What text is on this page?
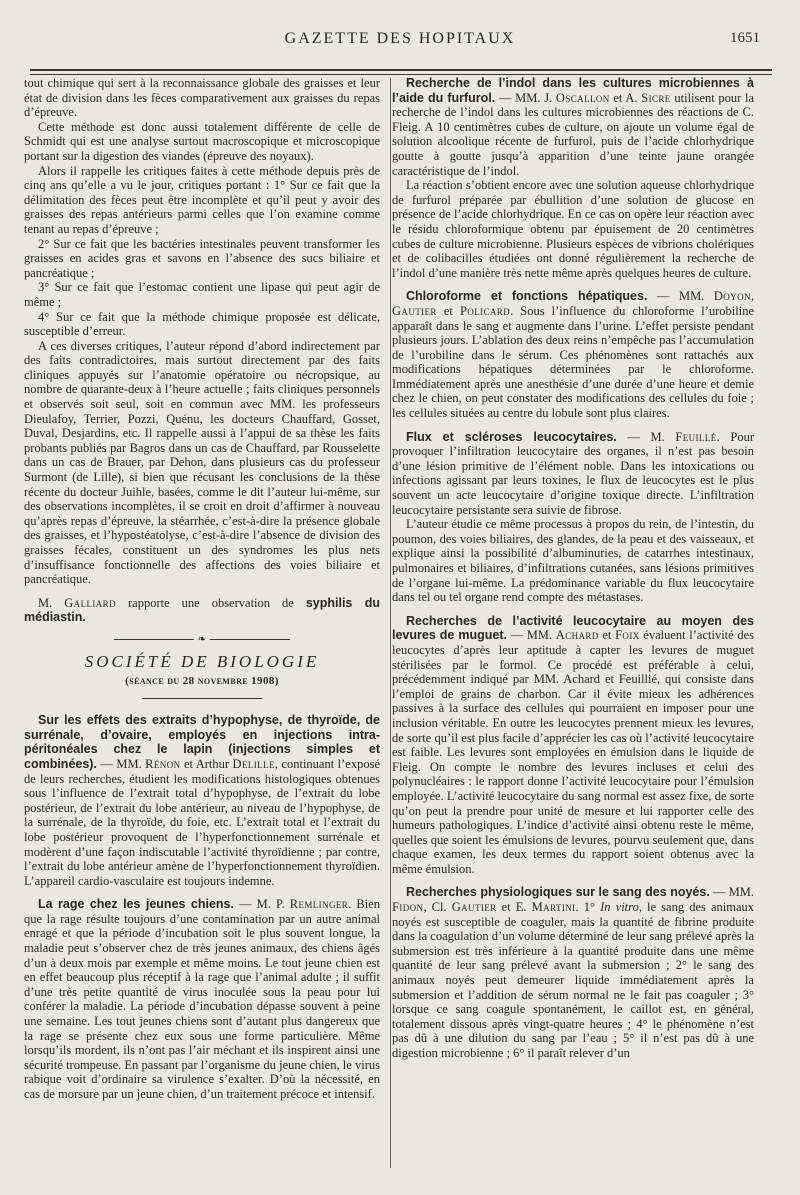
GAZETTE DES HOPITAUX	1651

tout chimique qui sert à la reconnaissance globale des graisses et leur état de division dans les fèces comparativement aux graisses du repas d’épreuve.

Cette méthode est donc aussi totalement différente de celle de Schmidt qui est une analyse surtout macroscopique et microscopique portant sur la digestion des viandes (épreuve des noyaux).

Alors il rappelle les critiques faites à cette méthode depuis près de cinq ans qu’elle a vu le jour, critiques portant : 1° Sur ce fait que la délimitation des fèces peut être incomplète et qu’il peut y avoir des graisses des repas antérieurs parmi celles que l’on examine comme tenant au repas d’épreuve ;

2° Sur ce fait que les bactéries intestinales peuvent transformer les graisses en acides gras et savons en l’absence des sucs biliaire et pancréatique ;

3° Sur ce fait que l’estomac contient une lipase qui peut agir de même ;

4° Sur ce fait que la méthode chimique proposée est délicate, susceptible d’erreur.

A ces diverses critiques, l’auteur répond d’abord indirectement par des faits contradictoires, mais surtout directement par des faits cliniques appuyés sur l’anatomie opératoire ou nécropsique, au nombre de quarante-deux à l’heure actuelle ; faits cliniques personnels et observés soit seul, soit en commun avec MM. les professeurs Dieulafoy, Terrier, Pozzi, Quénu, les docteurs Chauffard, Gosset, Duval, Desjardins, etc. Il rappelle aussi à l’appui de sa thèse les faits probants publiés par Bagros dans un cas de Chauffard, par Rousselette dans un cas de Brauer, par Dehon, dans plusieurs cas du professeur Surmont (de Lille), si bien que récusant les conclusions de la thèse récente du docteur Juihle, basées, comme le dit l’auteur lui-même, sur des observations incomplètes, il se croit en droit d’affirmer à nouveau qu’après repas d’épreuve, la stéarrhée, c’est-à-dire la présence globale des graisses, et l’hypostéatolyse, c’est-à-dire l’absence de division des graisses fécales, constituent un des syndromes les plus nets d’insuffisance fonctionnelle des affections des voies biliaire et pancréatique.

M. Galliard rapporte une observation de syphilis du médiastin.

❧
SOCIÉTÉ DE BIOLOGIE
(séance du 28 novembre 1908)

Sur les effets des extraits d’hypophyse, de thyroïde, de surrénale, d’ovaire, employés en injections intra-péritonéales chez le lapin (injections simples et combinées). — MM. Rénon et Arthur Delille, continuant l’exposé de leurs recherches, étudient les modifications histologiques obtenues sous l’influence de l’extrait total d’hypophyse, de l’extrait du lobe postérieur, de l’extrait du lobe antérieur, au niveau de l’hypophyse, de la surrénale, de la thyroïde, du foie, etc. L’extrait total et l’extrait du lobe postérieur provoquent de l’hyperfonctionnement surrénale et modèrent d’une façon indiscutable l’activité thyroïdienne ; par contre, l’extrait du lobe antérieur amène de l’hyperfonctionnement thyroïdien. L’appareil cardio-vasculaire est toujours indemne.

La rage chez les jeunes chiens. — M. P. Remlinger. Bien que la rage résulte toujours d’une contamination par un autre animal enragé et que la période d’incubation soit le plus souvent longue, la maladie peut s’observer chez de très jeunes animaux, des chiens âgés d’un à deux mois par exemple et même moins. Le tout jeune chien est en effet beaucoup plus réceptif à la rage que l’animal adulte ; il suffit d’une très petite quantité de virus inoculée sous la peau pour lui conférer la maladie. La période d’incubation dépasse souvent à peine une semaine. Les tout jeunes chiens sont d’autant plus dangereux que la rage se présente chez eux sous une forme particulière. Même lorsqu’ils mordent, ils n’ont pas l’air méchant et ils inspirent ainsi une sécurité trompeuse. En passant par l’organisme du jeune chien, le virus rabique voit d’ordinaire sa virulence s’exalter. D’où la nécessité, en cas de morsure par un jeune chien, d’un traitement précoce et intensif.

Recherche de l’indol dans les cultures microbiennes à l’aide du furfurol. — MM. J. Oscallon et A. Sicre utilisent pour la recherche de l’indol dans les cultures microbiennes des réactions de C. Fleig. A 10 centimètres cubes de culture, on ajoute un volume égal de solution alcoolique récente de furfurol, puis de l’acide chlorhydrique goutte à goutte jusqu’à apparition d’une teinte jaune orangée caractéristique de l’indol.

La réaction s’obtient encore avec une solution aqueuse chlorhydrique de furfurol préparée par ébullition d’une solution de glucose en présence de l’acide chlorhydrique. En ce cas on opère leur réaction avec le résidu chloroformique obtenu par épuisement de 20 centimètres cubes de culture microbienne. Plusieurs espèces de vibrions cholériques et de colibacilles étudiées ont donné régulièrement la recherche de l’indol d’une manière très nette même après quelques heures de culture.

Chloroforme et fonctions hépatiques. — MM. Doyon, Gautier et Policard. Sous l’influence du chloroforme l’urobiline apparaît dans le sang et augmente dans l’urine. L’effet persiste pendant plusieurs jours. L’ablation des deux reins n’empêche pas l’accumulation de l’urobiline dans le sérum. Ces phénomènes sont rattachés aux modifications hépatiques déterminées par le chloroforme. Immédiatement après une anesthésie d’une durée d’une heure et demie chez le chien, on peut constater des modifications des cellules du foie ; les cellules situées au centre du lobule sont plus claires.

Flux et scléroses leucocytaires. — M. Feuillé. Pour provoquer l’infiltration leucocytaire des organes, il n’est pas besoin d’une lésion primitive de l’élément noble. Dans les intoxications ou infections agissant par leurs toxines, le flux de leucocytes est le plus souvent un acte leucocytaire d’origine toxique directe. L’infiltration leucocytaire persistante sera suivie de fibrose.

L’auteur étudie ce même processus à propos du rein, de l’intestin, du poumon, des voies biliaires, des glandes, de la peau et des vaisseaux, et explique ainsi la possibilité d’albuminuries, de catarrhes intestinaux, pulmonaires et biliaires, d’infiltrations cutanées, sans lésions primitives de l’organe lui-même. La prédominance variable du flux leucocytaire dans tel ou tel organe rend compte des métastases.

Recherches de l’activité leucocytaire au moyen des levures de muguet. — MM. Achard et Foix évaluent l’activité des leucocytes d’après leur aptitude à capter les levures de muguet stérilisées par le formol. Ce procédé est préférable à celui, précédemment indiqué par MM. Achard et Feuillié, qui consiste dans l’emploi de grains de charbon. Car il évite mieux les adhérences passives à la surface des cellules qui pourraient en imposer pour une inclusion véritable. En outre les leucocytes prennent mieux les levures, de sorte qu’il est plus facile d’apprécier les cas où l’activité leucocytaire est faible. Les levures sont employées en émulsion dans le liquide de Fleig. On compte le nombre des levures incluses et celui des polynucléaires : le rapport donne l’activité leucocytaire pour l’émulsion employée. L’activité leucocytaire du sang normal est assez fixe, de sorte qu’on peut la prendre pour unité de mesure et lui rapporter celle des humeurs pathologiques. L’indice d’activité ainsi obtenu reste le même, quelles que soient les émulsions de levures, pourvu seulement que, dans chaque examen, les deux termes du rapport soient obtenus avec la même émulsion.

Recherches physiologiques sur le sang des noyés. — MM. Fidon, Cl. Gautier et E. Martini. 1° In vitro, le sang des animaux noyés est susceptible de coaguler, mais la quantité de fibrine produite dans la coagulation d’un volume déterminé de leur sang prélevé après la submersion est très inférieure à la quantité produite dans une même quantité de leur sang prélevé avant la submersion ; 2° le sang des animaux noyés peut demeurer liquide immédiatement après la submersion et l’addition de sérum normal ne le fait pas coaguler ; 3° lorsque ce sang coagule spontanément, le caillot est, en général, totalement dissous après vingt-quatre heures ; 4° le phénomène n’est pas dû à une dilution du sang par l’eau ; 5° il n’est pas dû à une digestion microbienne ; 6° il paraît relever d’un
